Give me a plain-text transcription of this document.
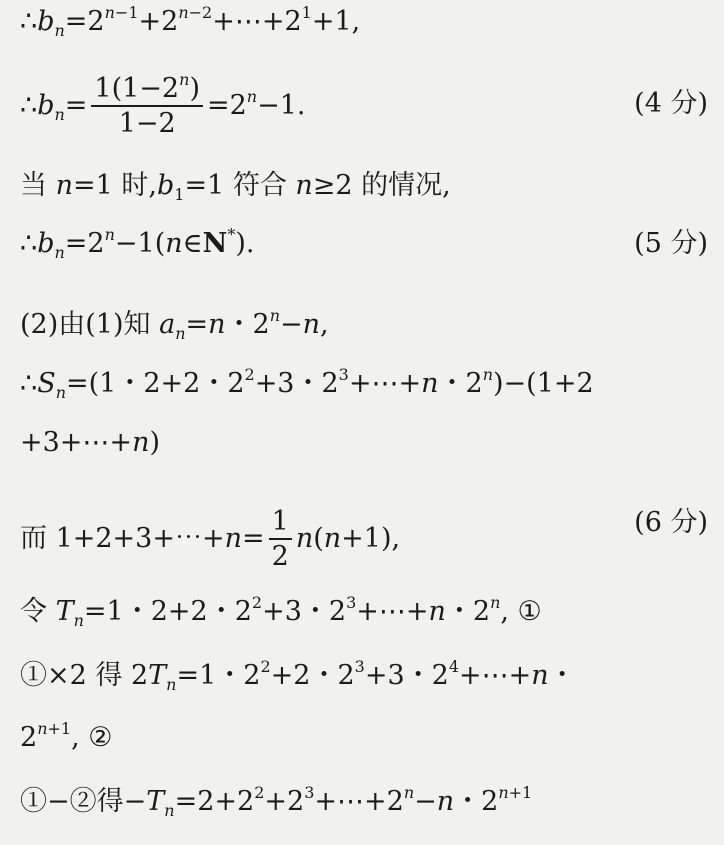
$\therefore b_n=2^{n-1}+2^{n-2}+\cdots+2^1+1$,
$\therefore b_n= \frac{1(1-2^n)}{1-2} =2^n-1$.	(4 分)
当 n=1 时$,b_1=1$ 符合 n≥2 的情况,
$\therefore b_n=2^n-1(n\in N^*)$.	(5 分)
(2)由(1)知 $a_n=n$・$2^n-n$,
$\therefore S_n=(1$・2+2・$2^2+3$・$2^3+\cdots+n$・$2^n)-(1+2$
+3+⋯+n)
而 1+2+3+⋯+n= $\frac{1}{2} n(n+1)$,
(6 分)
令 $T_n=1$・2+2・$2^2+3$・$2^3+\cdots+n$・2$^n$, ①
①×2 得 $2T_n=1$・$2^2+2$・$2^3+3$・$2^4+\cdots+n$・
$2^{n+1}$, ②
①−②得$-T_n=2+2^2+2^3+\cdots+2^n-n$・$2^{n+1}$
